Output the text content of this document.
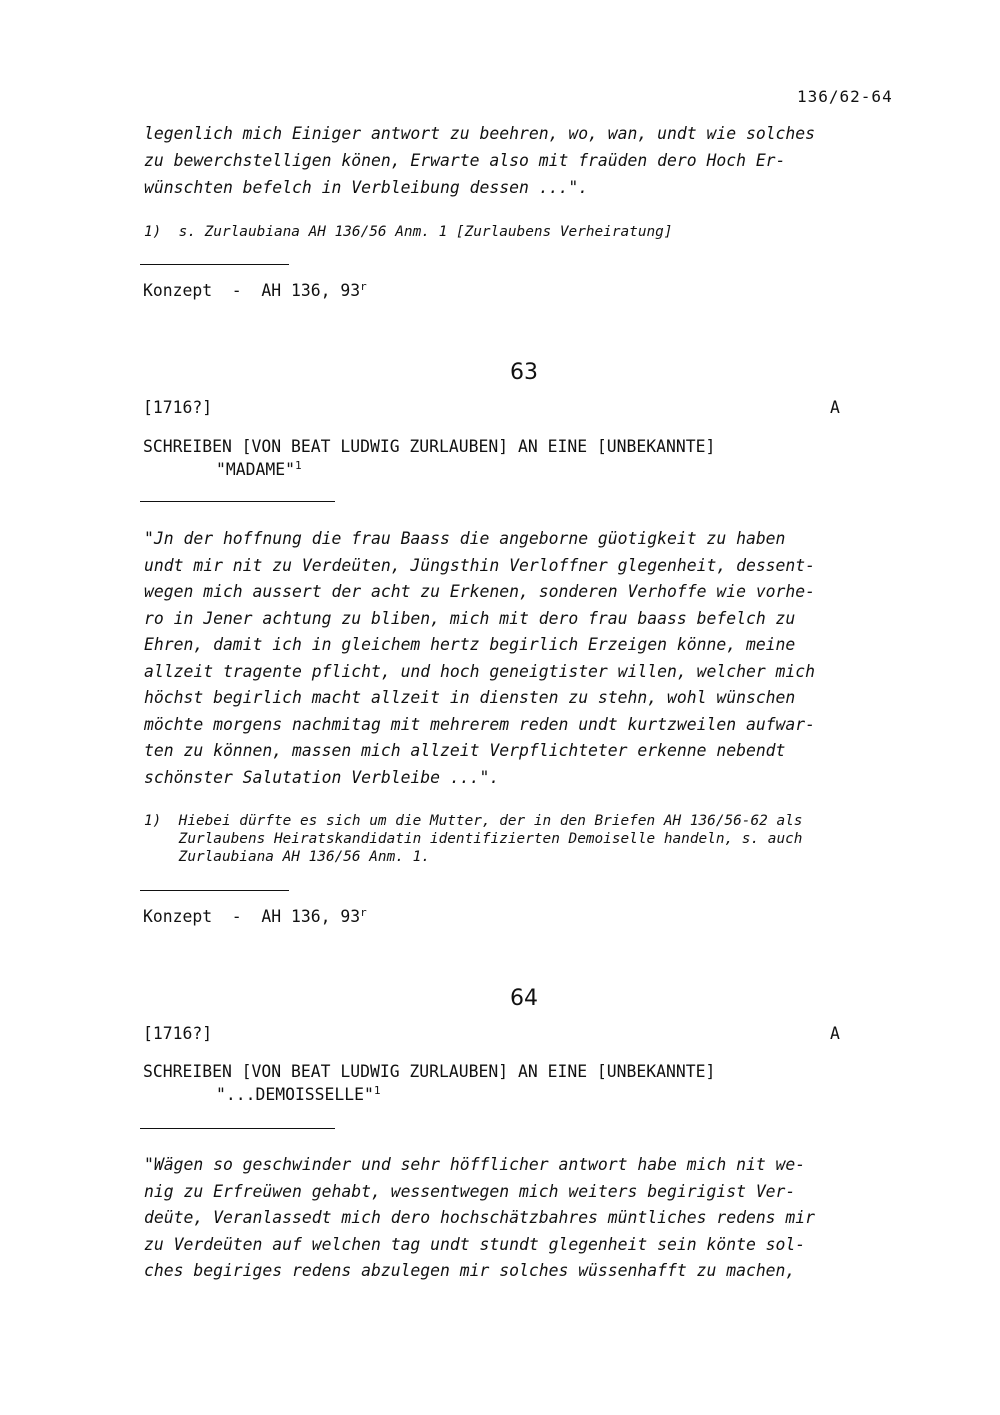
136/62-64
legenlich mich Einiger antwort zu beehren, wo, wan, undt wie solches
zu bewerchstelligen könen, Erwarte also mit fraüden dero Hoch Er-
wünschten befelch in Verbleibung dessen ...".
1)  s. Zurlaubiana AH 136/56 Anm. 1 [Zurlaubens Verheiratung]
Konzept  -  AH 136, 93$^r$
63
[1716?]	A
SCHREIBEN [VON BEAT LUDWIG ZURLAUBEN] AN EINE [UNBEKANNTE]
"MADAME"$^1$
"Jn der hoffnung die frau Baass die angeborne güotigkeit zu haben
undt mir nit zu Verdeüten, Jüngsthin Verloffner glegenheit, dessent-
wegen mich aussert der acht zu Erkenen, sonderen Verhoffe wie vorhe-
ro in Jener achtung zu bliben, mich mit dero frau baass befelch zu
Ehren, damit ich in gleichem hertz begirlich Erzeigen könne, meine
allzeit tragente pflicht, und hoch geneigtister willen, welcher mich
höchst begirlich macht allzeit in diensten zu stehn, wohl wünschen
möchte morgens nachmitag mit mehrerem reden undt kurtzweilen aufwar-
ten zu können, massen mich allzeit Verpflichteter erkenne nebendt
schönster Salutation Verbleibe ...".
1)  Hiebei dürfte es sich um die Mutter, der in den Briefen AH 136/56-62 als
Zurlaubens Heiratskandidatin identifizierten Demoiselle handeln, s. auch
Zurlaubiana AH 136/56 Anm. 1.
Konzept  -  AH 136, 93$^r$
64
[1716?]	A
SCHREIBEN [VON BEAT LUDWIG ZURLAUBEN] AN EINE [UNBEKANNTE]
"...DEMOISSELLE"$^1$
"Wägen so geschwinder und sehr höfflicher antwort habe mich nit we-
nig zu Erfreüwen gehabt, wessentwegen mich weiters begirigist Ver-
deüte, Veranlassedt mich dero hochschätzbahres müntliches redens mir
zu Verdeüten auf welchen tag undt stundt glegenheit sein könte sol-
ches begiriges redens abzulegen mir solches wüssenhafft zu machen,
